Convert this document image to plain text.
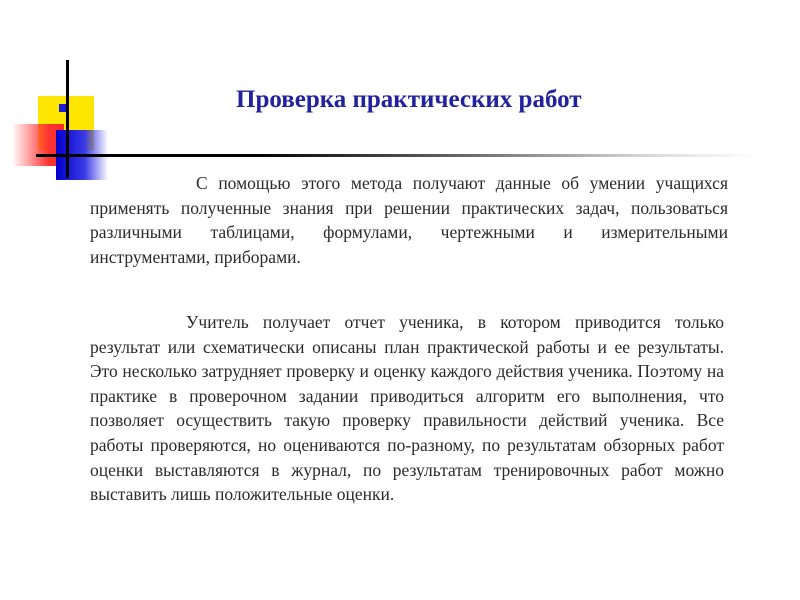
Проверка практических работ

С помощью этого метода получают данные об умении учащихся применять полученные знания при решении практических задач, пользоваться различными таблицами, формулами, чертежными и измерительными инструментами, приборами.

Учитель получает отчет ученика, в котором приводится только результат или схематически описаны план практической работы и ее результаты. Это несколько затрудняет проверку и оценку каждого действия ученика. Поэтому на практике в проверочном задании приводиться алгоритм его выполнения, что позволяет осуществить такую проверку правильности действий ученика. Все работы проверяются, но оцениваются по-разному, по результатам обзорных работ оценки выставляются в журнал, по результатам тренировочных работ можно выставить лишь положительные оценки.
